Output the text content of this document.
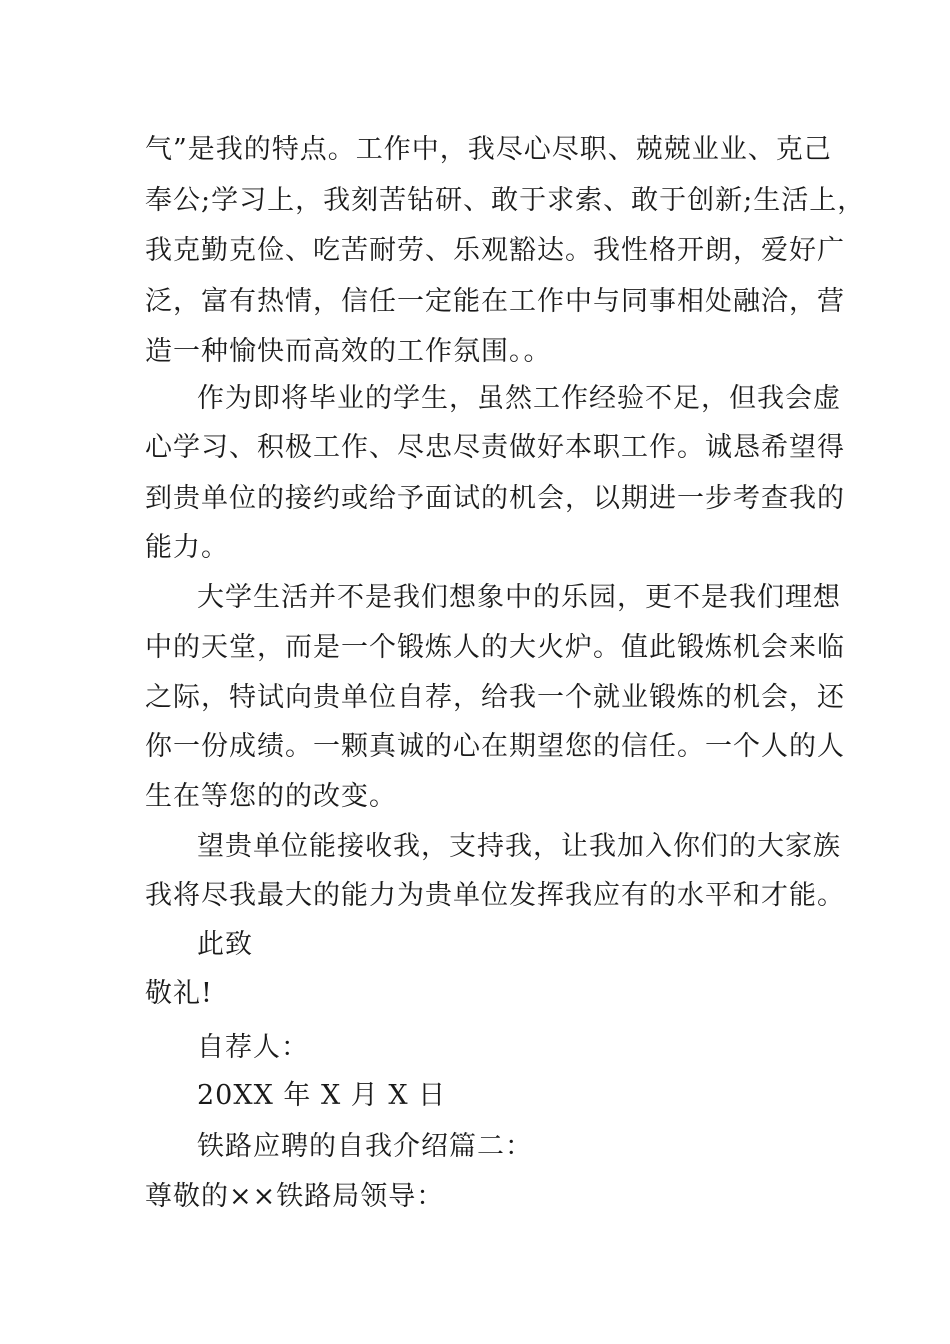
气”是我的特点。工作中，我尽心尽职、兢兢业业、克己
奉公;学习上，我刻苦钻研、敢于求索、敢于创新;生活上，
我克勤克俭、吃苦耐劳、乐观豁达。我性格开朗，爱好广
泛，富有热情，信任一定能在工作中与同事相处融洽，营
造一种愉快而高效的工作氛围。。
作为即将毕业的学生，虽然工作经验不足，但我会虚
心学习、积极工作、尽忠尽责做好本职工作。诚恳希望得
到贵单位的接约或给予面试的机会，以期进一步考查我的
能力。
大学生活并不是我们想象中的乐园，更不是我们理想
中的天堂，而是一个锻炼人的大火炉。值此锻炼机会来临
之际，特试向贵单位自荐，给我一个就业锻炼的机会，还
你一份成绩。一颗真诚的心在期望您的信任。一个人的人
生在等您的的改变。
望贵单位能接收我，支持我，让我加入你们的大家族
我将尽我最大的能力为贵单位发挥我应有的水平和才能。
此致
敬礼!
自荐人：
20XX 年 X 月 X 日
铁路应聘的自我介绍篇二：
尊敬的××铁路局领导：
